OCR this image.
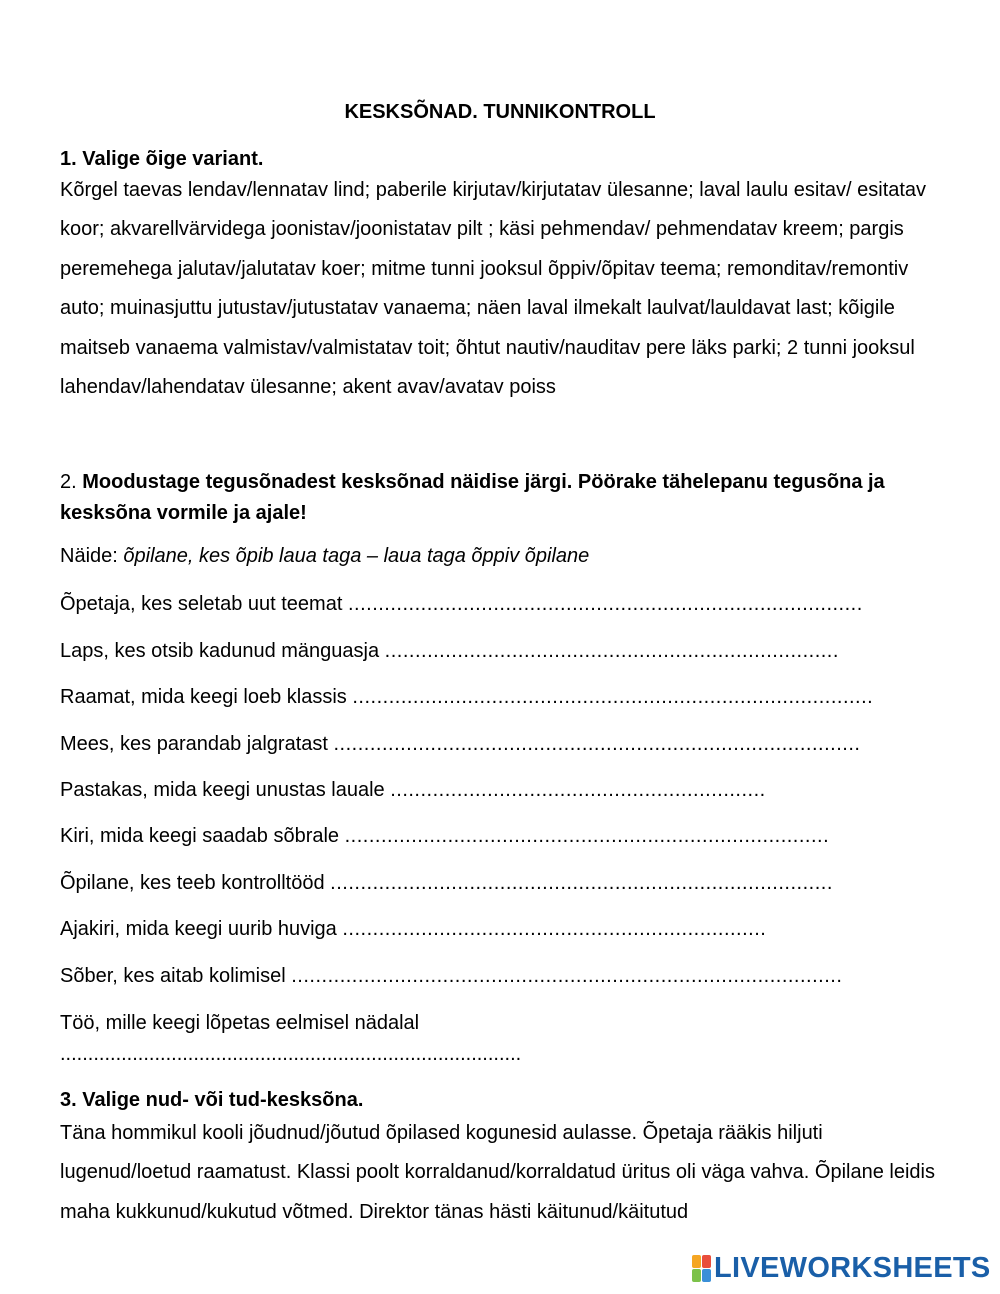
KESKSÕNAD. TUNNIKONTROLL
1. Valige õige variant.
Kõrgel taevas lendav/lennatav lind; paberile kirjutav/kirjutatav ülesanne; laval laulu esitav/ esitatav koor; akvarellvärvidega joonistav/joonistatav pilt ; käsi pehmendav/ pehmendatav kreem; pargis peremehega jalutav/jalutatav koer; mitme tunni jooksul õppiv/õpitav teema; remonditav/remontiv auto; muinasjuttu jutustav/jutustatav vanaema; näen laval ilmekalt laulvat/lauldavat last; kõigile maitseb vanaema valmistav/valmistatav toit; õhtut nautiv/nauditav pere läks parki; 2 tunni jooksul lahendav/lahendatav ülesanne; akent avav/avatav poiss
2. Moodustage tegusõnadest kesksõnad näidise järgi. Pöörake tähelepanu tegusõna ja kesksõna vormile ja ajale!
Näide: õpilane, kes õpib laua taga – laua taga õppiv õpilane
Õpetaja, kes seletab uut teemat .....................................................................................
Laps, kes otsib kadunud mänguasja ...........................................................................
Raamat, mida keegi loeb klassis ......................................................................................
Mees, kes parandab jalgratast .......................................................................................
Pastakas, mida keegi unustas lauale ..............................................................
Kiri, mida keegi saadab sõbrale ................................................................................
Õpilane, kes teeb kontrolltööd ...................................................................................
Ajakiri, mida keegi uurib huviga ......................................................................
Sõber, kes aitab kolimisel ...........................................................................................
Töö, mille keegi lõpetas eelmisel nädalal
...................................................................................
3. Valige nud- või tud-kesksõna.
Täna hommikul kooli jõudnud/jõutud õpilased kogunesid aulasse. Õpetaja rääkis hiljuti lugenud/loetud raamatust. Klassi poolt korraldanud/korraldatud üritus oli väga vahva. Õpilane leidis maha kukkunud/kukutud võtmed. Direktor tänas hästi käitunud/käitutud
LIVEWORKSHEETS
